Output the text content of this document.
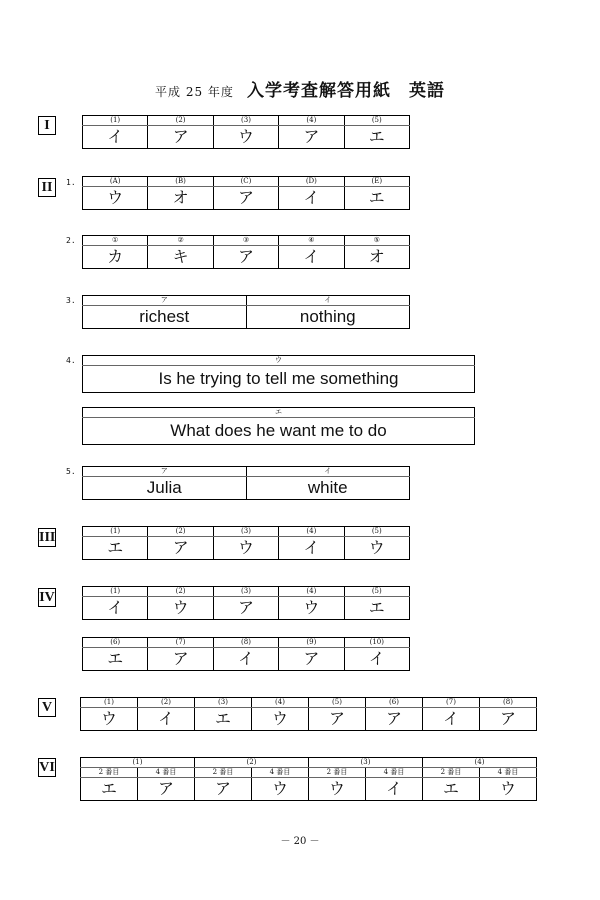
平成 25 年度 入学考査解答用紙　英語
I	(1)	(2)	(3)	(4)	(5)
イ	ア	ウ	ア	エ
II	1.	(A)	(B)	(C)	(D)	(E)
ウ	オ	ア	イ	エ
2.	①	②	③	④	⑤
カ	キ	ア	イ	オ
3.	ア	イ
richest	nothing
4.	ウ
Is he trying to tell me something
エ
What does he want me to do
5.	ア	イ
Julia	white
III	(1)	(2)	(3)	(4)	(5)
エ	ア	ウ	イ	ウ
IV	(1)	(2)	(3)	(4)	(5)
イ	ウ	ア	ウ	エ
(6)	(7)	(8)	(9)	(10)
エ	ア	イ	ア	イ
V	(1)	(2)	(3)	(4)	(5)	(6)	(7)	(8)
ウ	イ	エ	ウ	ア	ア	イ	ア
VI	(1)		(2)		(3)		(4)	
2 番目	4 番目	2 番目	4 番目	2 番目	4 番目	2 番目	4 番目
エ	ア	ア	ウ	ウ	イ	エ	ウ
－ 20 －
